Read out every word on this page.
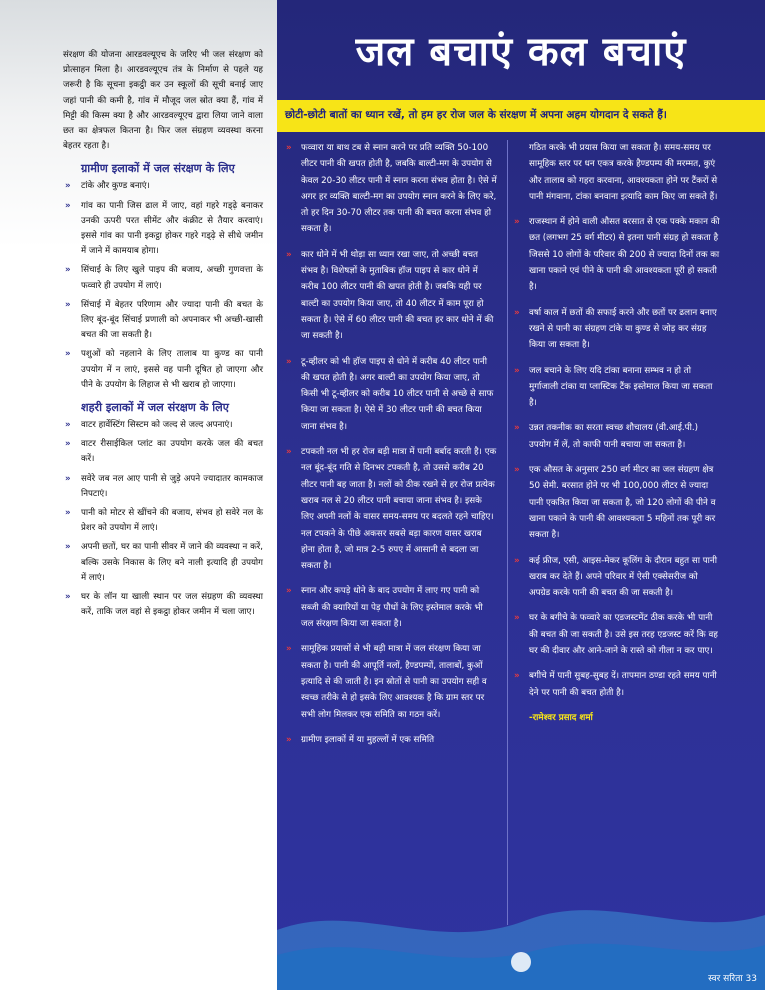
संरक्षण की योजना आरडवल्यूएच के जरिए भी जल संरक्षण को प्रोत्साहन मिला है। आरडवल्यूएच तंत्र के निर्माण से पहले यह जरूरी है कि सूचना इकट्ठी कर उन स्कूलों की सूची बनाई जाए जहां पानी की कमी है, गांव में मौजूद जल स्रोत क्या हैं, गांव में मिट्टी की किस्म क्या है और आरडवल्यूएच द्वारा लिया जाने वाला छत का क्षेत्रफल कितना है। फिर जल संग्रहण व्यवस्था करना बेहतर रहता है।

ग्रामीण इलाकों में जल संरक्षण के लिए
» टांके और कुण्ड बनाएं।
» गांव का पानी जिस ढाल में जाए, वहां गहरे गड्ढ़े बनाकर उनकी ऊपरी परत सीमेंट और कंक्रीट से तैयार करवाएं। इससे गांव का पानी इकट्ठा होकर गहरे गड्ढ़े से सीधे जमीन में जाने में कामयाब होगा।
» सिंचाई के लिए खुले पाइप की बजाय, अच्छी गुणवत्ता के फव्वारे ही उपयोग में लाएं।
» सिंचाई में बेहतर परिणाम और ज्यादा पानी की बचत के लिए बूंद-बूंद सिंचाई प्रणाली को अपनाकर भी अच्छी-खासी बचत की जा सकती है।
» पशुओं को नहलाने के लिए तालाब या कुण्ड का पानी उपयोग में न लाएं, इससे वह पानी दूषित हो जाएगा और पीने के उपयोग के लिहाज से भी खराब हो जाएगा।
शहरी इलाकों में जल संरक्षण के लिए
» वाटर हार्वेस्टिंग सिस्टम को जल्द से जल्द अपनाएं।
» वाटर रीसाईकिल प्लांट का उपयोग करके जल की बचत करें।
» सवेरे जब नल आए पानी से जुड़े अपने ज्यादातर कामकाज निपटाएं।
» पानी को मोटर से खींचने की बजाय, संभव हो सवेरे नल के प्रेशर को उपयोग में लाएं।
» अपनी छतों, घर का पानी सीवर में जाने की व्यवस्था न करें, बल्कि उसके निकास के लिए बने नाली इत्यादि ही उपयोग में लाएं।
» घर के लॉन या खाली स्थान पर जल संग्रहण की व्यवस्था करें, ताकि जल वहां से इकट्ठा होकर जमीन में चला जाए।
जल बचाएं कल बचाएं
छोटी-छोटी बातों का ध्यान रखें, तो हम हर रोज जल के संरक्षण में अपना अहम योगदान दे सकते हैं।
» फव्वारा या बाथ टब से स्नान करने पर प्रति व्यक्ति 50-100 लीटर पानी की खपत होती है, जबकि बाल्टी-मग के उपयोग से केवल 20-30 लीटर पानी में स्नान करना संभव होता है। ऐसे में अगर हर व्यक्ति बाल्टी-मग का उपयोग स्नान करने के लिए करे, तो हर दिन 30-70 लीटर तक पानी की बचत करना संभव हो सकता है।
» कार धोने में भी थोड़ा सा ध्यान रखा जाए, तो अच्छी बचत संभव है। विशेषज्ञों के मुताबिक हॉज पाइप से कार धोने में करीब 100 लीटर पानी की खपत होती है। जबकि यही पर बाल्टी का उपयोग किया जाए, तो 40 लीटर में काम पूरा हो सकता है। ऐसे में 60 लीटर पानी की बचत हर कार धोने में की जा सकती है।
» टू-व्हीलर को भी हॉज पाइप से धोने में करीब 40 लीटर पानी की खपत होती है। अगर बाल्टी का उपयोग किया जाए, तो किसी भी टू-व्हीलर को करीब 10 लीटर पानी से अच्छे से साफ किया जा सकता है। ऐसे में 30 लीटर पानी की बचत किया जाना संभव है।
» टपकती नल भी हर रोज बड़ी मात्रा में पानी बर्बाद करती है। एक नल बूंद-बूंद गति से दिनभर टपकती है, तो उससे करीब 20 लीटर पानी बह जाता है। नलों को ठीक रखने से हर रोज प्रत्येक खराब नल से 20 लीटर पानी बचाया जाना संभव है। इसके लिए अपनी नलों के वासर समय-समय पर बदलते रहने चाहिए। नल टपकने के पीछे अकसर सबसे बड़ा कारण वासर खराब होना होता है, जो मात्र 2-5 रुपए में आसानी से बदला जा सकता है।
» स्नान और कपड़े धोने के बाद उपयोग में लाए गए पानी को सब्जी की क्यारियों या पेड़ पौधों के लिए इस्तेमाल करके भी जल संरक्षण किया जा सकता है।
» सामूहिक प्रयासों से भी बड़ी मात्रा में जल संरक्षण किया जा सकता है। पानी की आपूर्ति नलों, हैण्डपम्पों, तालाबों, कुओं इत्यादि से की जाती है। इन स्रोतों से पानी का उपयोग सही व स्वच्छ तरीके से हो इसके लिए आवश्यक है कि ग्राम स्तर पर सभी लोग मिलकर एक समिति का गठन करें।
» ग्रामीण इलाकों में या मुहल्लों में एक समिति
गठित करके भी प्रयास किया जा सकता है। समय-समय पर सामूहिक स्तर पर धन एकत्र करके हैण्डपम्प की मरम्मत, कुएं और तालाब को गहरा करवाना, आवश्यकता होने पर टैंकरों से पानी मंगवाना, टांका बनवाना इत्यादि काम किए जा सकते हैं।
» राजस्थान में होने वाली औसत बरसात से एक पक्के मकान की छत (लगभग 25 वर्ग मीटर) से इतना पानी संग्रह हो सकता है जिससे 10 लोगों के परिवार की 200 से ज्यादा दिनों तक का खाना पकाने एवं पीने के पानी की आवश्यकता पूरी हो सकती है।
» वर्षा काल में छतों की सफाई करने और छतों पर ढलान बनाए रखने से पानी का संग्रहण टांके या कुण्ड से जोड़ कर संग्रह किया जा सकता है।
» जल बचाने के लिए यदि टांका बनाना सम्भव न हो तो मुर्गाजाली टांका या प्लास्टिक टैंक इस्तेमाल किया जा सकता है।
» उन्नत तकनीक का सरता स्वच्छ शौचालय (वी.आई.पी.) उपयोग में लें, तो काफी पानी बचाया जा सकता है।
» एक औसत के अनुसार 250 वर्ग मीटर का जल संग्रहण क्षेत्र 50 सेमी. बरसात होने पर भी 100,000 लीटर से ज्यादा पानी एकत्रित किया जा सकता है, जो 120 लोगों की पीने व खाना पकाने के पानी की आवश्यकता 5 महिनों तक पूरी कर सकता है।
» कई फ्रीज, एसी, आइस-मेकर कूलिंग के दौरान बहुत सा पानी खराब कर देते हैं। अपने परिवार में ऐसी एक्सेसरीज को अपग्रेड करके पानी की बचत की जा सकती है।
» घर के बगीचे के फव्वारे का एडजस्टमेंट ठीक करके भी पानी की बचत की जा सकती है। उसे इस तरह एडजस्ट करें कि वह घर की दीवार और आने-जाने के रास्ते को गीला न कर पाए।
» बगीचे में पानी सुबह-सुबह दें। तापमान ठण्डा रहते समय पानी देने पर पानी की बचत होती है।
-रामेश्वर प्रसाद शर्मा
स्वर सरिता 33
